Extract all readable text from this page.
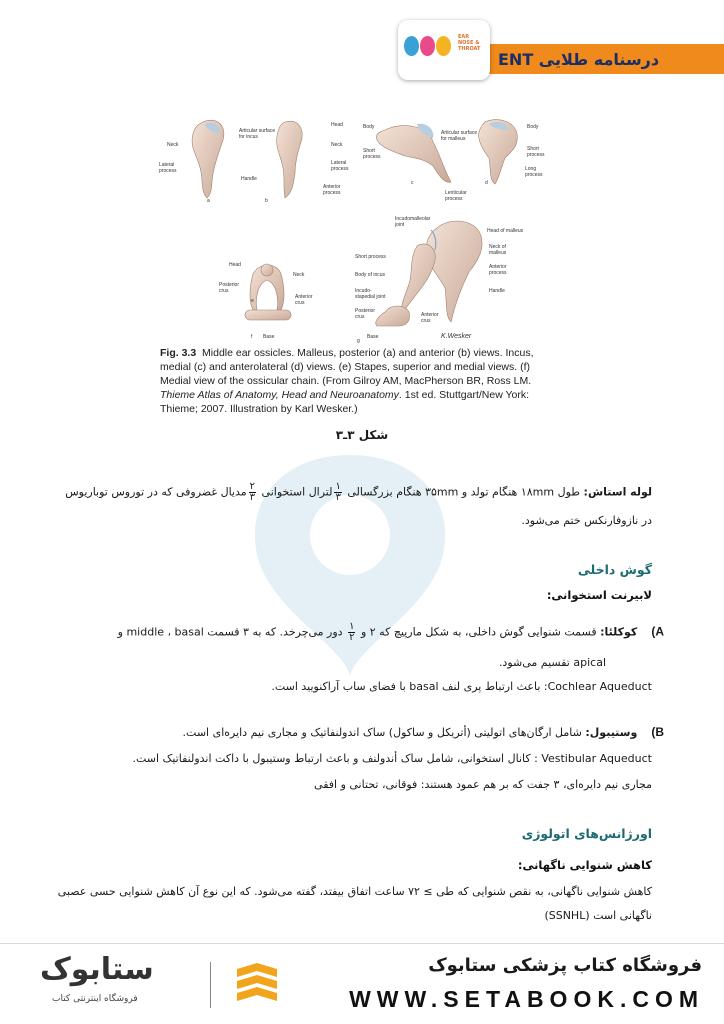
درسنامه طلایی ENT
EAR
NOSE &
THROAT
Neck
Articular surface for incus
Lateral process
Handle
a
Head
Neck
Lateral process
Anterior process
b
Body
Short process
Articular surface for malleus
c
Lenticular process
Body
Short process
Long process
d
Incudomalleolar joint
Head of malleus
Neck of malleus
Anterior process
Handle
Short process
Body of incus
Incudo-stapedial joint
Posterior crus	Anterior crus
Base
g
Head
Neck
Posterior crus
Anterior crus
e
f Base	K.Wesker
Fig. 3.3 Middle ear ossicles. Malleus, posterior (a) and anterior (b) views. Incus,
medial (c) and anterolateral (d) views. (e) Stapes, superior and medial views. (f)
Medial view of the ossicular chain. (From Gilroy AM, MacPherson BR, Ross LM.
Thieme Atlas of Anatomy, Head and Neuroanatomy. 1st ed. Stuttgart/New York:
Thieme; 2007. Illustration by Karl Wesker.)
شکل ۳ـ۳
لوله استاش: طول ۱۸mm هنگام تولد و ۳۵mm هنگام بزرگسالی
$\frac{۱}{۳}$
لترال استخوانی
$\frac{۲}{۳}$
مدیال غضروفی که در توروس توباریوس
در نازوفارنکس ختم می‌شود.
گوش داخلی
لابیرنت استخوانی:
A)    کوکلئا: قسمت شنوایی گوش داخلی، به شکل مارپیچ که ۲ و
$\frac{۱}{۲}$
دور می‌چرخد. که به ۳ قسمت middle ، basal و
apical تقسیم می‌شود.
Cochlear Aqueduct: باعث ارتباط پری لنف basal با فضای ساب آراکنویید است.
B)    وستیبول: شامل ارگان‌های اتولیتی (أتریکل و ساکول) ساک اندولنفاتیک و مجاری نیم دایره‌ای است.
Vestibular Aqueduct : کانال استخوانی، شامل ساک أندولنف و باعث ارتباط وستیبول با داکت اندولنفاتیک است.
مجاری نیم دایره‌ای، ۳ جفت که بر هم عمود هستند: فوقانی، تحتانی و افقی
اورژانس‌های اتولوژی
کاهش شنوایی ناگهانی:
کاهش شنوایی ناگهانی، به نقص شنوایی که طی ≥ ۷۲ ساعت اتفاق بیفتد، گفته می‌شود. که این نوع آن کاهش شنوایی حسی عصبی
ناگهانی است (SSNHL)
فروشگاه کتاب پزشکی ستابوک
WWW.SETABOOK.COM
ستابوک
فروشگاه اینترنتی کتاب
